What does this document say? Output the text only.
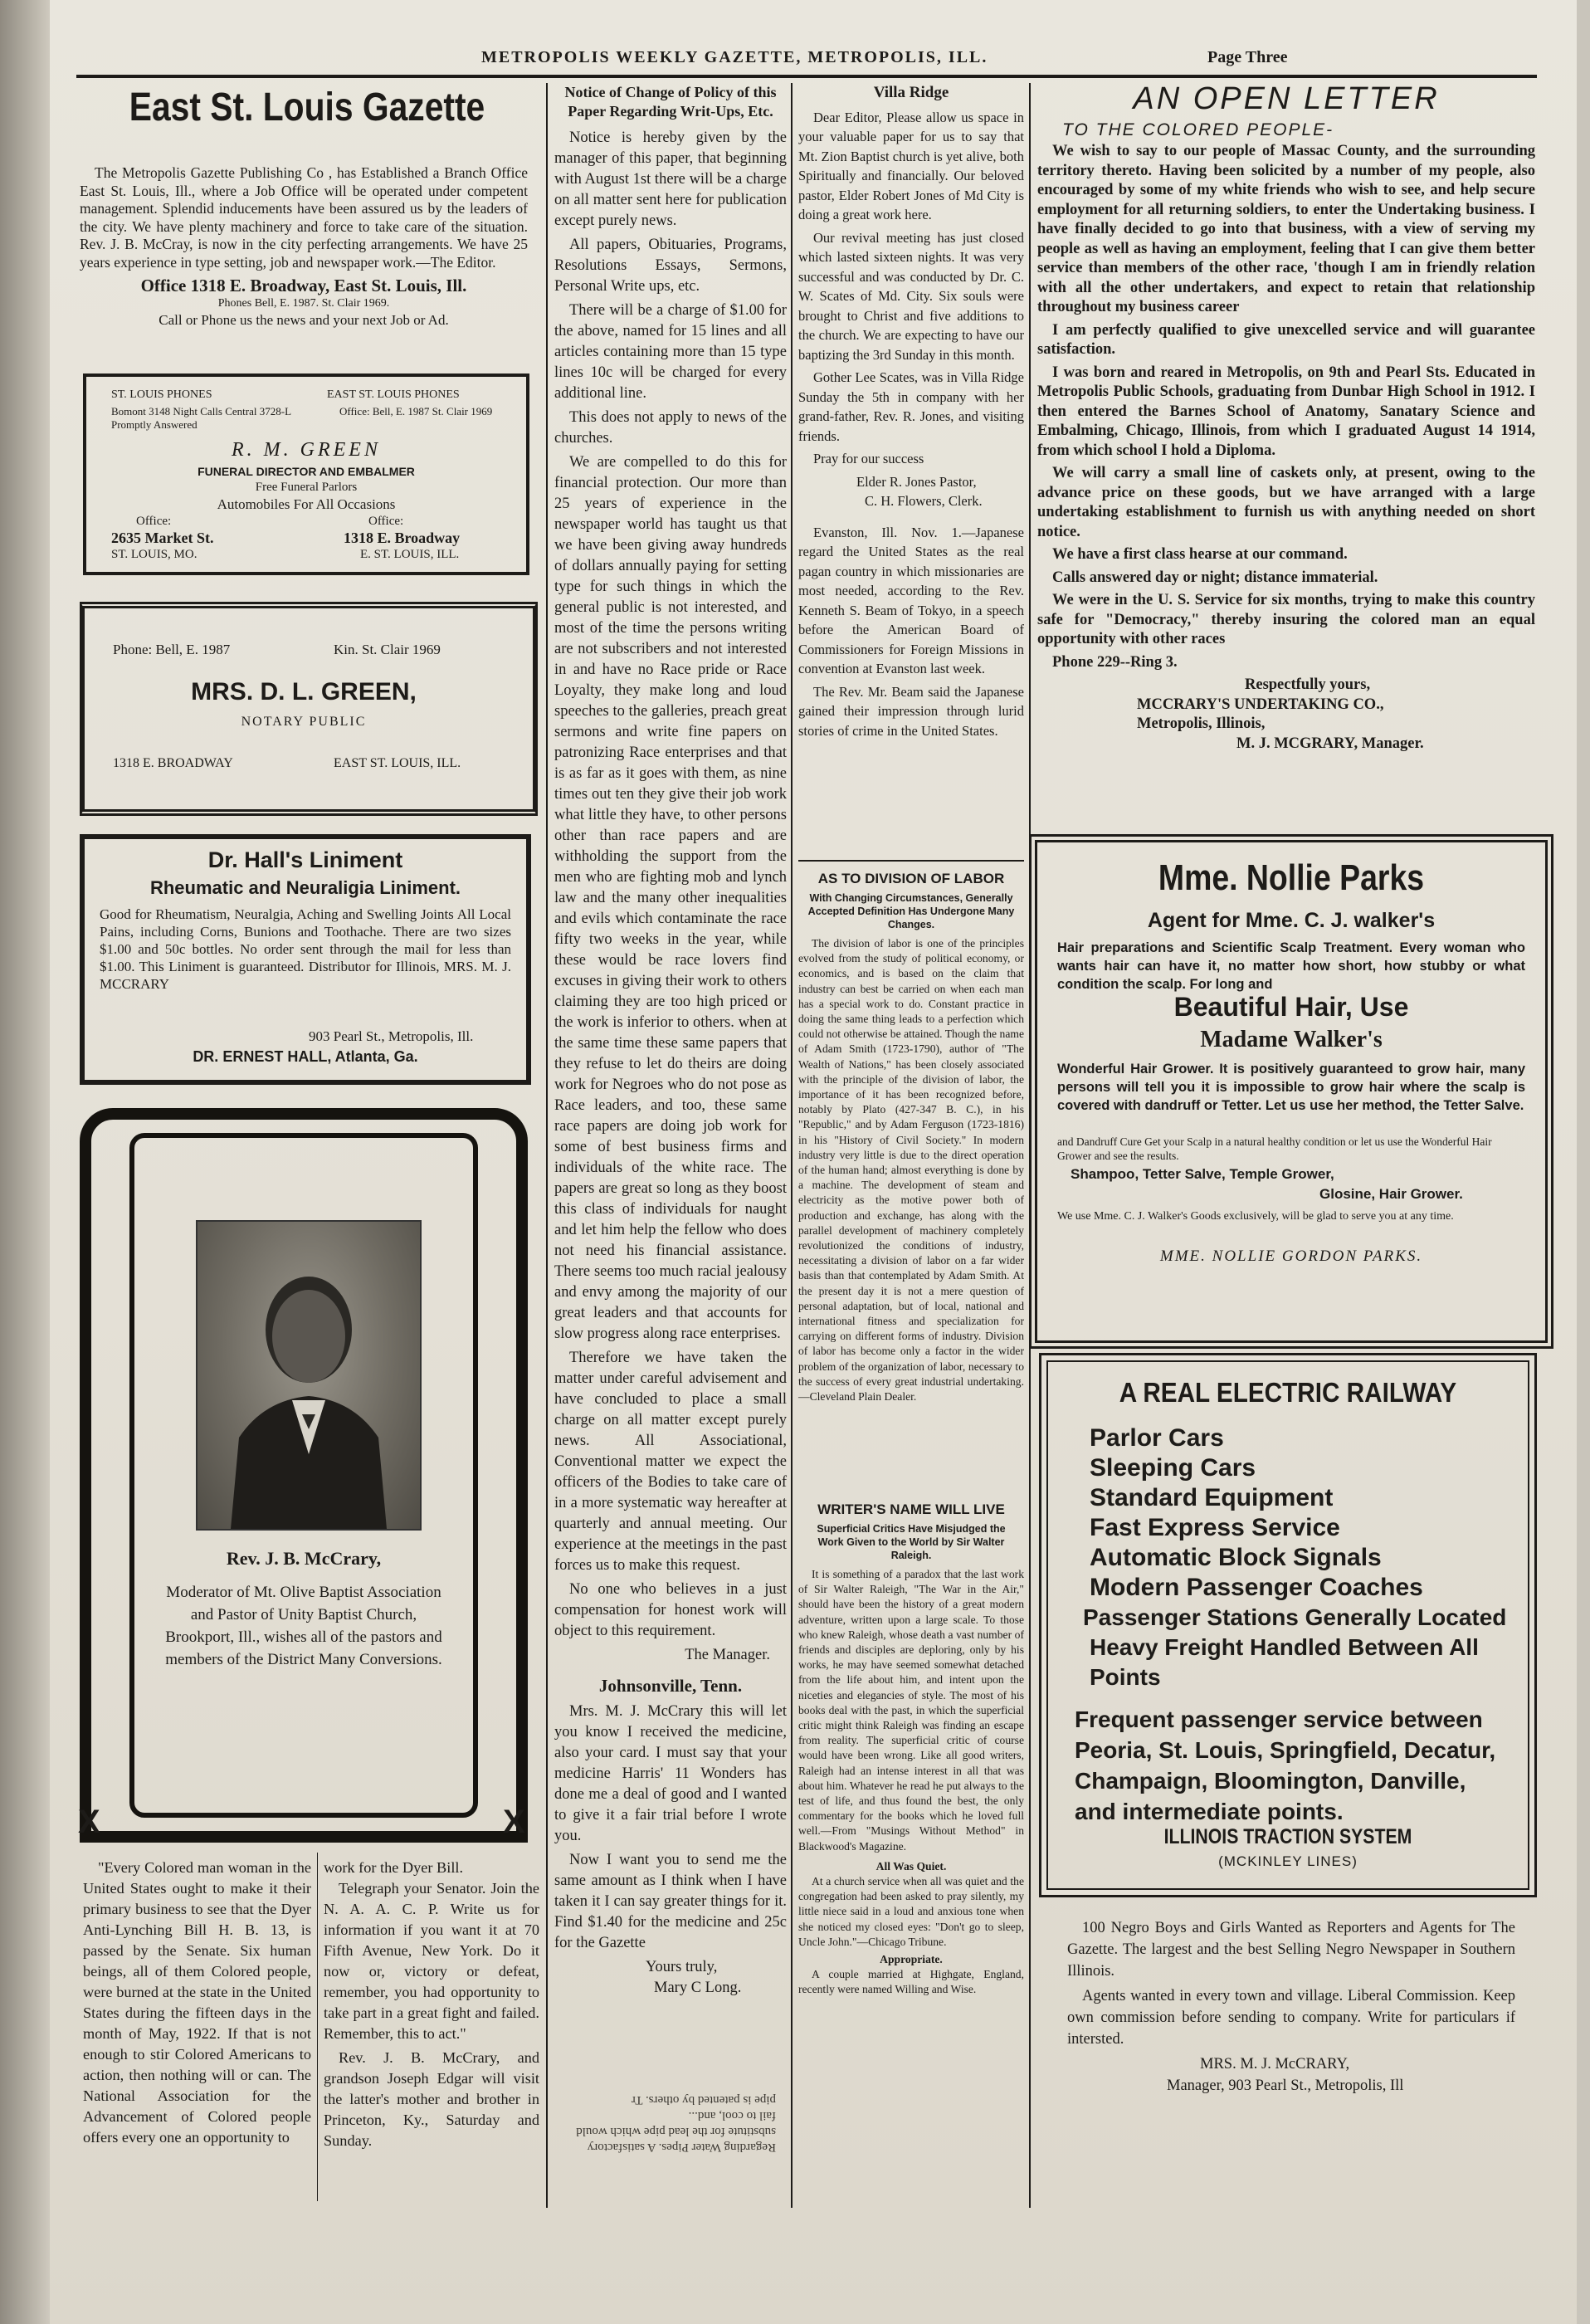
METROPOLIS WEEKLY GAZETTE, METROPOLIS, ILL.	Page Three
East St. Louis Gazette

The Metropolis Gazette Publishing Co , has Established a Branch Office East St. Louis, Ill., where a Job Office will be operated under competent management. Splendid inducements have been assured us by the leaders of the city. We have plenty machinery and force to take care of the situation. Rev. J. B. McCray, is now in the city perfecting arrangements. We have 25 years experience in type setting, job and newspaper work.—The Editor.

Office 1318 E. Broadway, East St. Louis, Ill.
Phones Bell, E. 1987. St. Clair 1969.
Call or Phone us the news and your next Job or Ad.
ST. LOUIS PHONES	EAST ST. LOUIS PHONES
Bomont 3148 Night Calls Central 3728-L Promptly Answered
Office: Bell, E. 1987 St. Clair 1969
R. M. GREEN
FUNERAL DIRECTOR AND EMBALMER
Free Funeral Parlors
Automobiles For All Occasions
Office:
2635 Market St.
ST. LOUIS, MO.
Office:
1318 E. Broadway
E. ST. LOUIS, ILL.
Phone: Bell, E. 1987	Kin. St. Clair 1969
MRS. D. L. GREEN,
NOTARY PUBLIC
1318 E. BROADWAY	EAST ST. LOUIS, ILL.
Dr. Hall's Liniment
Rheumatic and Neuraligia Liniment.
Good for Rheumatism, Neuralgia, Aching and Swelling Joints All Local Pains, including Corns, Bunions and Toothache. There are two sizes $1.00 and 50c bottles. No order sent through the mail for less than $1.00. This Liniment is guaranteed. Distributor for Illinois, MRS. M. J. MCCRARY
903 Pearl St., Metropolis, Ill.
DR. ERNEST HALL, Atlanta, Ga.
Rev. J. B. McCrary,
Moderator of Mt. Olive Baptist Association and Pastor of Unity Baptist Church, Brookport, Ill., wishes all of the pastors and members of the District Many Conversions.
X	X

"Every Colored man woman in the United States ought to make it their primary business to see that the Dyer Anti-Lynching Bill H. B. 13, is passed by the Senate. Six human beings, all of them Colored people, were burned at the state in the United States during the fifteen days in the month of May, 1922. If that is not enough to stir Colored Americans to action, then nothing will or can. The National Association for the Advancement of Colored people offers every one an opportunity to

work for the Dyer Bill.

Telegraph your Senator. Join the N. A. A. C. P. Write us for information if you want it at 70 Fifth Avenue, New York. Do it now or, victory or defeat, remember, you had opportunity to take part in a great fight and failed. Remember, this to act."

Rev. J. B. McCrary, and grandson Joseph Edgar will visit the latter's mother and brother in Princeton, Ky., Saturday and Sunday.

Notice of Change of Policy of this Paper Regarding Writ-Ups, Etc.

Notice is hereby given by the manager of this paper, that beginning with August 1st there will be a charge on all matter sent here for publication except purely news.

All papers, Obituaries, Programs, Resolutions Essays, Sermons, Personal Write ups, etc.

There will be a charge of $1.00 for the above, named for 15 lines and all articles containing more than 15 type lines 10c will be charged for every additional line.

This does not apply to news of the churches.

We are compelled to do this for financial protection. Our more than 25 years of experience in the newspaper world has taught us that we have been giving away hundreds of dollars annually paying for setting type for such things in which the general public is not interested, and most of the time the persons writing are not subscribers and not interested in and have no Race pride or Race Loyalty, they make long and loud speeches to the galleries, preach great sermons and write fine papers on patronizing Race enterprises and that is as far as it goes with them, as nine times out ten they give their job work what little they have, to other persons other than race papers and are withholding the support from the men who are fighting mob and lynch law and the many other inequalities and evils which contaminate the race fifty two weeks in the year, while these would be race lovers find excuses in giving their work to others claiming they are too high priced or the work is inferior to others. when at the same time these same papers that they refuse to let do theirs are doing work for Negroes who do not pose as Race leaders, and too, these same race papers are doing job work for some of best business firms and individuals of the white race. The papers are great so long as they boost this class of individuals for naught and let him help the fellow who does not need his financial assistance. There seems too much racial jealousy and envy among the majority of our great leaders and that accounts for slow progress along race enterprises.

Therefore we have taken the matter under careful advisement and have concluded to place a small charge on all matter except purely news. All Associational, Conventional matter we expect the officers of the Bodies to take care of in a more systematic way hereafter at quarterly and annual meeting. Our experience at the meetings in the past forces us to make this request.

No one who believes in a just compensation for honest work will object to this requirement.

The Manager.
Johnsonville, Tenn.

Mrs. M. J. McCrary this will let you know I received the medicine, also your card. I must say that your medicine Harris' 11 Wonders has done me a deal of good and I wanted to give it a fair trial before I wrote you.

Now I want you to send me the same amount as I think when I have taken it I can say greater things for it. Find $1.40 for the medicine and 25c for the Gazette

Yours truly,
Mary C Long.
Regarding Water Pipes. A satisfactory substitute for the lead pipe which would fail to cool, and...
pipe is patented by others. Tr
Villa Ridge

Dear Editor, Please allow us space in your valuable paper for us to say that Mt. Zion Baptist church is yet alive, both Spiritually and financially. Our beloved pastor, Elder Robert Jones of Md City is doing a great work here.

Our revival meeting has just closed which lasted sixteen nights. It was very successful and was conducted by Dr. C. W. Scates of Md. City. Six souls were brought to Christ and five additions to the church. We are expecting to have our baptizing the 3rd Sunday in this month.

Gother Lee Scates, was in Villa Ridge Sunday the 5th in company with her grand-father, Rev. R. Jones, and visiting friends.

Pray for our success

Elder R. Jones Pastor,
C. H. Flowers, Clerk.

Evanston, Ill. Nov. 1.—Japanese regard the United States as the real pagan country in which missionaries are most needed, according to the Rev. Kenneth S. Beam of Tokyo, in a speech before the American Board of Commissioners for Foreign Missions in convention at Evanston last week.

The Rev. Mr. Beam said the Japanese gained their impression through lurid stories of crime in the United States.

AS TO DIVISION OF LABOR
With Changing Circumstances, Generally Accepted Definition Has Undergone Many Changes.

The division of labor is one of the principles evolved from the study of political economy, or economics, and is based on the claim that industry can best be carried on when each man has a special work to do. Constant practice in doing the same thing leads to a perfection which could not otherwise be attained. Though the name of Adam Smith (1723-1790), author of "The Wealth of Nations," has been closely associated with the principle of the division of labor, the importance of it has been recognized before, notably by Plato (427-347 B. C.), in his "Republic," and by Adam Ferguson (1723-1816) in his "History of Civil Society." In modern industry very little is due to the direct operation of the human hand; almost everything is done by a machine. The development of steam and electricity as the motive power both of production and exchange, has along with the parallel development of machinery completely revolutionized the conditions of industry, necessitating a division of labor on a far wider basis than that contemplated by Adam Smith. At the present day it is not a mere question of personal adaptation, but of local, national and international fitness and specialization for carrying on different forms of industry. Division of labor has become only a factor in the wider problem of the organization of labor, necessary to the success of every great industrial undertaking.—Cleveland Plain Dealer.

WRITER'S NAME WILL LIVE
Superficial Critics Have Misjudged the Work Given to the World by Sir Walter Raleigh.

It is something of a paradox that the last work of Sir Walter Raleigh, "The War in the Air," should have been the history of a great modern adventure, written upon a large scale. To those who knew Raleigh, whose death a vast number of friends and disciples are deploring, only by his works, he may have seemed somewhat detached from the life about him, and intent upon the niceties and elegancies of style. The most of his books deal with the past, in which the superficial critic might think Raleigh was finding an escape from reality. The superficial critic of course would have been wrong. Like all good writers, Raleigh had an intense interest in all that was about him. Whatever he read he put always to the test of life, and thus found the best, the only commentary for the books which he loved full well.—From "Musings Without Method" in Blackwood's Magazine.

All Was Quiet.

At a church service when all was quiet and the congregation had been asked to pray silently, my little niece said in a loud and anxious tone when she noticed my closed eyes: "Don't go to sleep, Uncle John."—Chicago Tribune.

Appropriate.

A couple married at Highgate, England, recently were named Willing and Wise.

AN OPEN LETTER
TO THE COLORED PEOPLE-

We wish to say to our people of Massac County, and the surrounding territory thereto. Having been solicited by a number of my people, also encouraged by some of my white friends who wish to see, and help secure employment for all returning soldiers, to enter the Undertaking business. I have finally decided to go into that business, with a view of serving my people as well as having an employment, feeling that I can give them better service than members of the other race, 'though I am in friendly relation with all the other undertakers, and expect to retain that relationship throughout my business career

I am perfectly qualified to give unexcelled service and will guarantee satisfaction.

I was born and reared in Metropolis, on 9th and Pearl Sts. Educated in Metropolis Public Schools, graduating from Dunbar High School in 1912. I then entered the Barnes School of Anatomy, Sanatary Science and Embalming, Chicago, Illinois, from which I graduated August 14 1914, from which school I hold a Diploma.

We will carry a small line of caskets only, at present, owing to the advance price on these goods, but we have arranged with a large undertaking establishment to furnish us with anything needed on short notice.

We have a first class hearse at our command.

Calls answered day or night; distance immaterial.

We were in the U. S. Service for six months, trying to make this country safe for "Democracy," thereby insuring the colored man an equal opportunity with other races

Phone 229--Ring 3.

Respectfully yours,
MCCRARY'S UNDERTAKING CO.,
Metropolis, Illinois,
M. J. MCGRARY, Manager.
Mme. Nollie Parks
Agent for Mme. C. J. walker's
Hair preparations and Scientific Scalp Treatment. Every woman who wants hair can have it, no matter how short, how stubby or what condition the scalp. For long and
Beautiful Hair, Use
Madame Walker's
Wonderful Hair Grower. It is positively guaranteed to grow hair, many persons will tell you it is impossible to grow hair where the scalp is covered with dandruff or Tetter. Let us use her method, the Tetter Salve.
and Dandruff Cure Get your Scalp in a natural healthy condition or let us use the Wonderful Hair Grower and see the results.
Shampoo, Tetter Salve, Temple Grower,
Glosine, Hair Grower.
We use Mme. C. J. Walker's Goods exclusively, will be glad to serve you at any time.
MME. NOLLIE GORDON PARKS.
A REAL ELECTRIC RAILWAY
Parlor Cars
Sleeping Cars
Standard Equipment
Fast Express Service
Automatic Block Signals
Modern Passenger Coaches
Passenger Stations Generally Located
Heavy Freight Handled Between All Points
Frequent passenger service between Peoria, St. Louis, Springfield, Decatur, Champaign, Bloomington, Danville, and intermediate points.
ILLINOIS TRACTION SYSTEM
(MCKINLEY LINES)

100 Negro Boys and Girls Wanted as Reporters and Agents for The Gazette. The largest and the best Selling Negro Newspaper in Southern Illinois.

Agents wanted in every town and village. Liberal Commission. Keep own commission before sending to company. Write for particulars if intersted.

MRS. M. J. McCRARY,
Manager, 903 Pearl St., Metropolis, Ill
